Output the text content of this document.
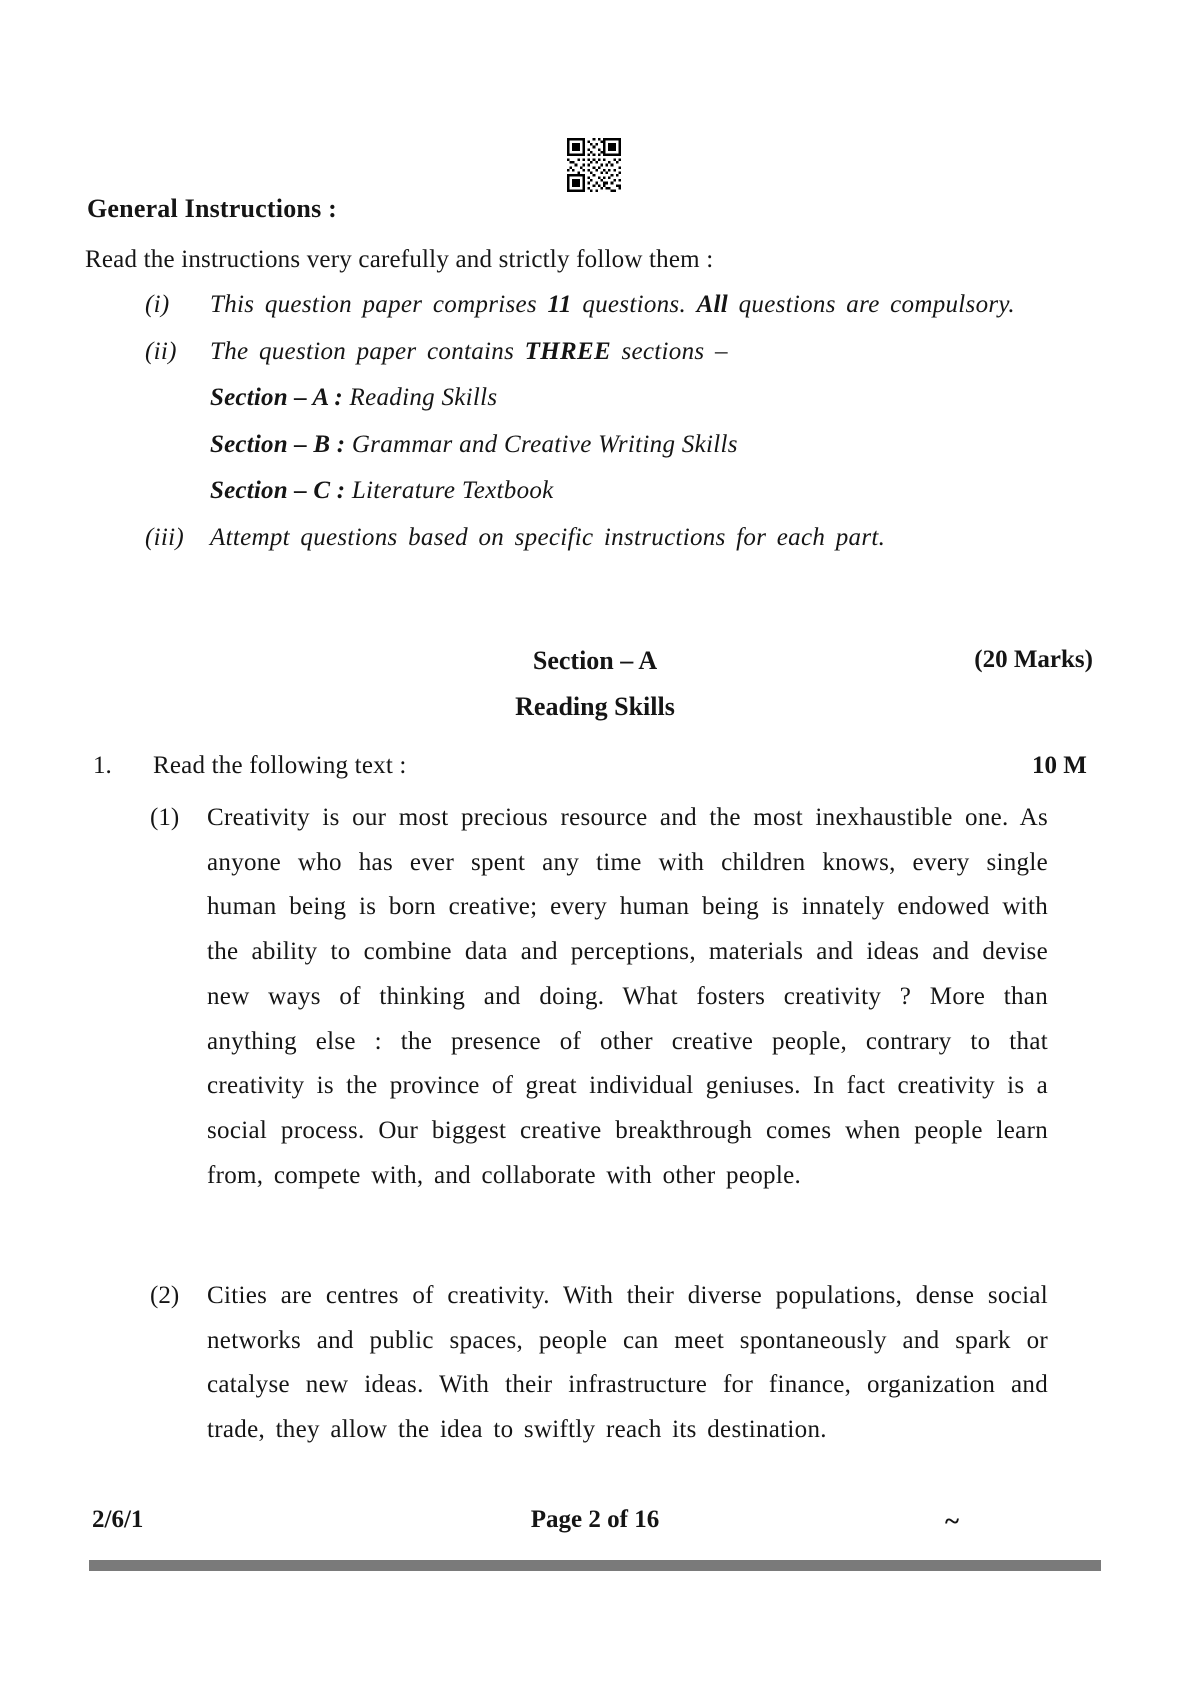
General Instructions :
Read the instructions very carefully and strictly follow them :
(i) This question paper comprises 11 questions. All questions are compulsory.
(ii) The question paper contains THREE sections –
Section – A : Reading Skills
Section – B : Grammar and Creative Writing Skills
Section – C : Literature Textbook
(iii) Attempt questions based on specific instructions for each part.
Section – A	(20 Marks)
Reading Skills
1. Read the following text :	10 M
(1) Creativity is our most precious resource and the most inexhaustible one. As anyone who has ever spent any time with children knows, every single human being is born creative; every human being is innately endowed with the ability to combine data and perceptions, materials and ideas and devise new ways of thinking and doing. What fosters creativity ? More than anything else : the presence of other creative people, contrary to that creativity is the province of great individual geniuses. In fact creativity is a social process. Our biggest creative breakthrough comes when people learn from, compete with, and collaborate with other people.
(2) Cities are centres of creativity. With their diverse populations, dense social networks and public spaces, people can meet spontaneously and spark or catalyse new ideas. With their infrastructure for finance, organization and trade, they allow the idea to swiftly reach its destination.
2/6/1	Page 2 of 16	~
